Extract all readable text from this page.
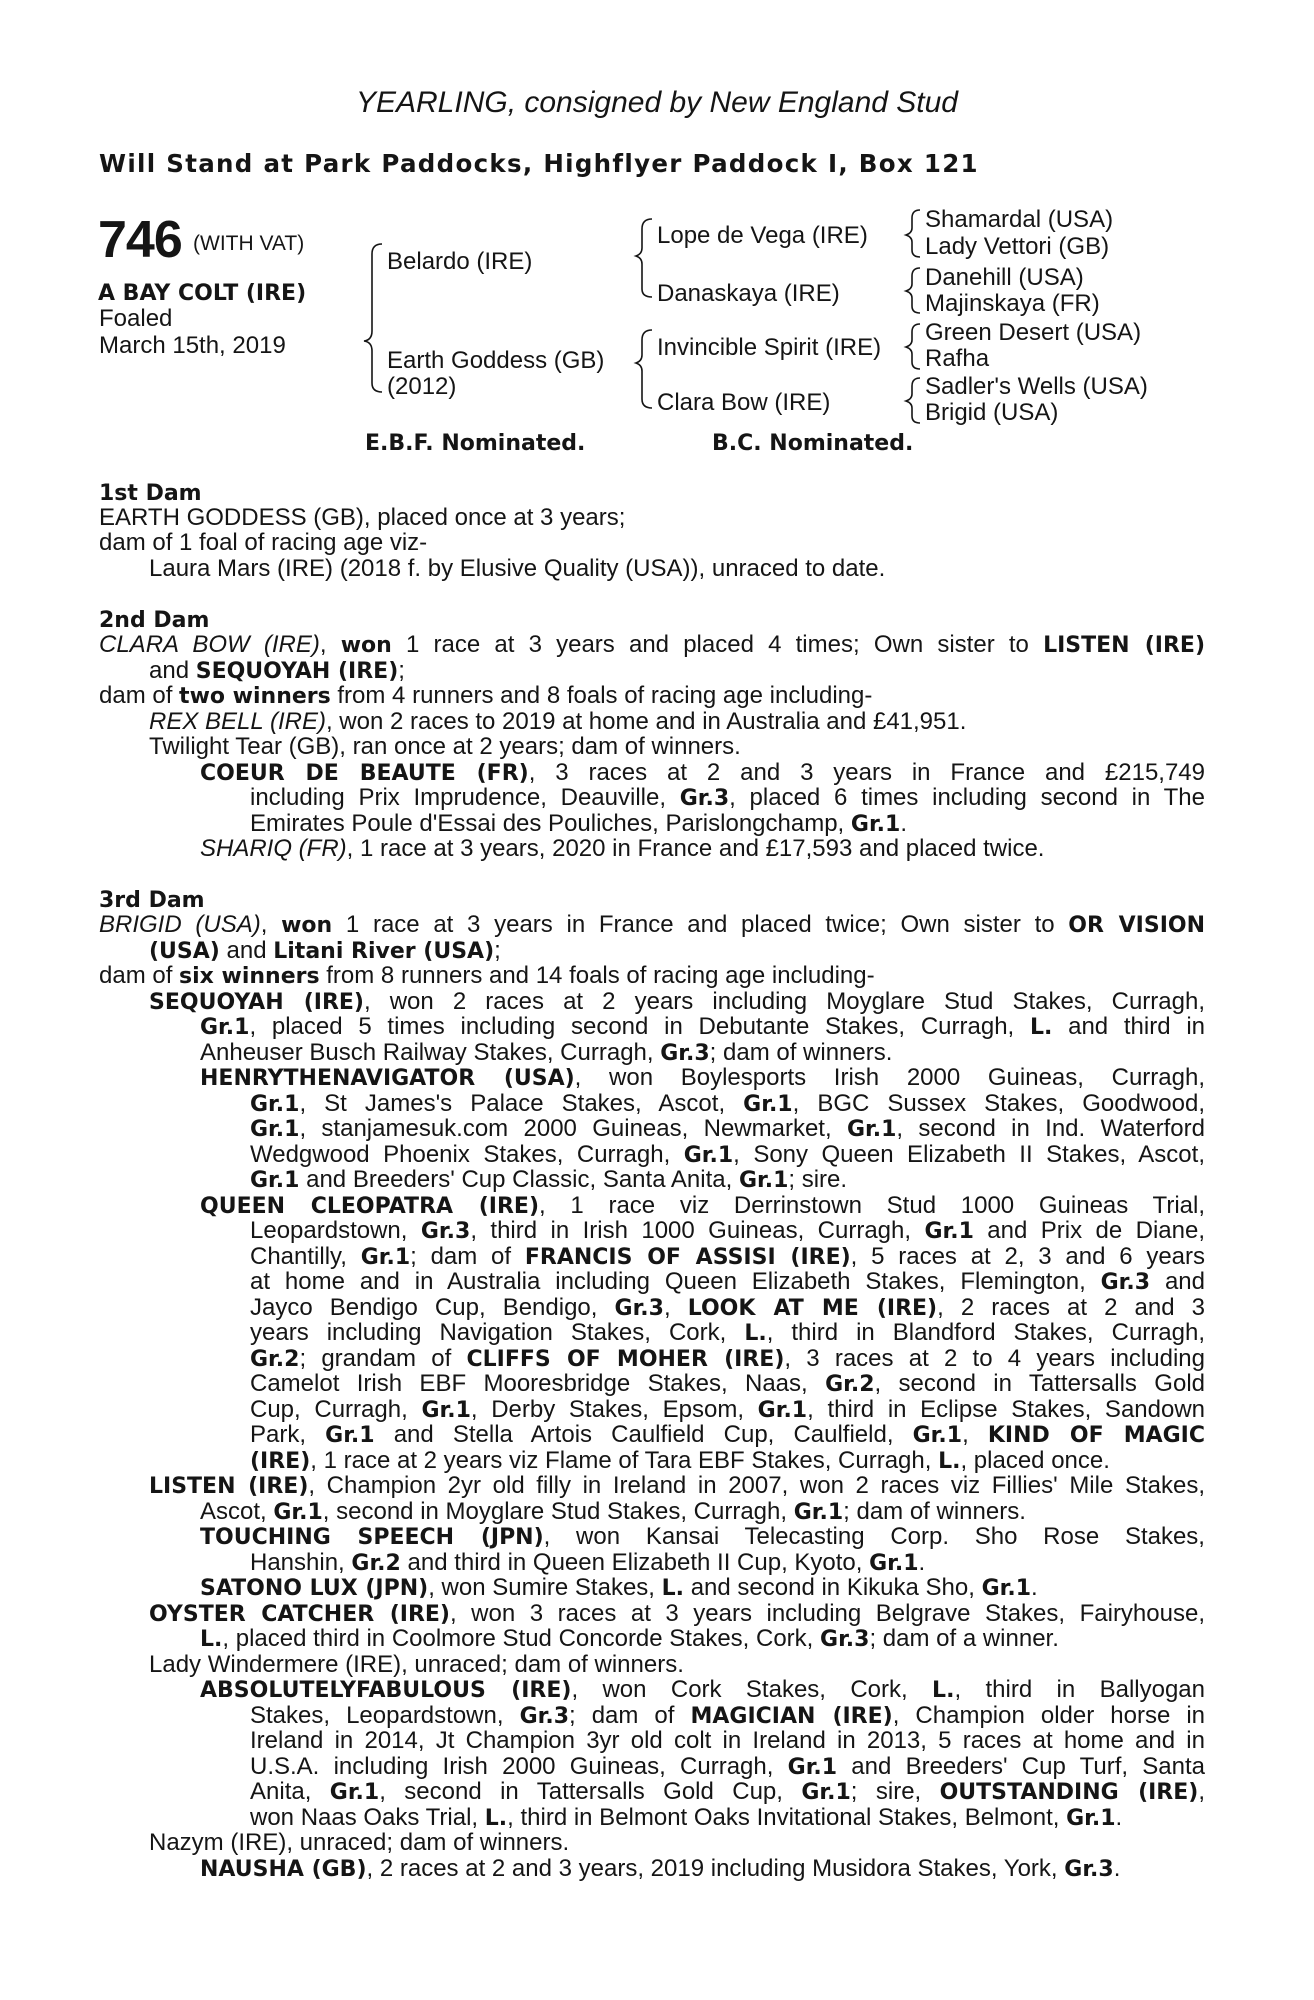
YEARLING, consigned by New England Stud
Will Stand at Park Paddocks, Highflyer Paddock I, Box 121
746 (WITH VAT)
A BAY COLT (IRE)
Foaled
March 15th, 2019
Belardo (IRE)
Earth Goddess (GB)
(2012)
Lope de Vega (IRE)
Danaskaya (IRE)
Invincible Spirit (IRE)
Clara Bow (IRE)
Shamardal (USA)
Lady Vettori (GB)
Danehill (USA)
Majinskaya (FR)
Green Desert (USA)
Rafha
Sadler's Wells (USA)
Brigid (USA)
E.B.F. Nominated.	B.C. Nominated.
1st Dam
EARTH GODDESS (GB), placed once at 3 years;
dam of 1 foal of racing age viz-
Laura Mars (IRE) (2018 f. by Elusive Quality (USA)), unraced to date.
2nd Dam
CLARA BOW (IRE), won 1 race at 3 years and placed 4 times; Own sister to LISTEN (IRE)
and SEQUOYAH (IRE);
dam of two winners from 4 runners and 8 foals of racing age including-
REX BELL (IRE), won 2 races to 2019 at home and in Australia and £41,951.
Twilight Tear (GB), ran once at 2 years; dam of winners.
COEUR DE BEAUTE (FR), 3 races at 2 and 3 years in France and £215,749
including Prix Imprudence, Deauville, Gr.3, placed 6 times including second in The
Emirates Poule d'Essai des Pouliches, Parislongchamp, Gr.1.
SHARIQ (FR), 1 race at 3 years, 2020 in France and £17,593 and placed twice.
3rd Dam
BRIGID (USA), won 1 race at 3 years in France and placed twice; Own sister to OR VISION
(USA) and Litani River (USA);
dam of six winners from 8 runners and 14 foals of racing age including-
SEQUOYAH (IRE), won 2 races at 2 years including Moyglare Stud Stakes, Curragh,
Gr.1, placed 5 times including second in Debutante Stakes, Curragh, L. and third in
Anheuser Busch Railway Stakes, Curragh, Gr.3; dam of winners.
HENRYTHENAVIGATOR (USA), won Boylesports Irish 2000 Guineas, Curragh,
Gr.1, St James's Palace Stakes, Ascot, Gr.1, BGC Sussex Stakes, Goodwood,
Gr.1, stanjamesuk.com 2000 Guineas, Newmarket, Gr.1, second in Ind. Waterford
Wedgwood Phoenix Stakes, Curragh, Gr.1, Sony Queen Elizabeth II Stakes, Ascot,
Gr.1 and Breeders' Cup Classic, Santa Anita, Gr.1; sire.
QUEEN CLEOPATRA (IRE), 1 race viz Derrinstown Stud 1000 Guineas Trial,
Leopardstown, Gr.3, third in Irish 1000 Guineas, Curragh, Gr.1 and Prix de Diane,
Chantilly, Gr.1; dam of FRANCIS OF ASSISI (IRE), 5 races at 2, 3 and 6 years
at home and in Australia including Queen Elizabeth Stakes, Flemington, Gr.3 and
Jayco Bendigo Cup, Bendigo, Gr.3, LOOK AT ME (IRE), 2 races at 2 and 3
years including Navigation Stakes, Cork, L., third in Blandford Stakes, Curragh,
Gr.2; grandam of CLIFFS OF MOHER (IRE), 3 races at 2 to 4 years including
Camelot Irish EBF Mooresbridge Stakes, Naas, Gr.2, second in Tattersalls Gold
Cup, Curragh, Gr.1, Derby Stakes, Epsom, Gr.1, third in Eclipse Stakes, Sandown
Park, Gr.1 and Stella Artois Caulfield Cup, Caulfield, Gr.1, KIND OF MAGIC
(IRE), 1 race at 2 years viz Flame of Tara EBF Stakes, Curragh, L., placed once.
LISTEN (IRE), Champion 2yr old filly in Ireland in 2007, won 2 races viz Fillies' Mile Stakes,
Ascot, Gr.1, second in Moyglare Stud Stakes, Curragh, Gr.1; dam of winners.
TOUCHING SPEECH (JPN), won Kansai Telecasting Corp. Sho Rose Stakes,
Hanshin, Gr.2 and third in Queen Elizabeth II Cup, Kyoto, Gr.1.
SATONO LUX (JPN), won Sumire Stakes, L. and second in Kikuka Sho, Gr.1.
OYSTER CATCHER (IRE), won 3 races at 3 years including Belgrave Stakes, Fairyhouse,
L., placed third in Coolmore Stud Concorde Stakes, Cork, Gr.3; dam of a winner.
Lady Windermere (IRE), unraced; dam of winners.
ABSOLUTELYFABULOUS (IRE), won Cork Stakes, Cork, L., third in Ballyogan
Stakes, Leopardstown, Gr.3; dam of MAGICIAN (IRE), Champion older horse in
Ireland in 2014, Jt Champion 3yr old colt in Ireland in 2013, 5 races at home and in
U.S.A. including Irish 2000 Guineas, Curragh, Gr.1 and Breeders' Cup Turf, Santa
Anita, Gr.1, second in Tattersalls Gold Cup, Gr.1; sire, OUTSTANDING (IRE),
won Naas Oaks Trial, L., third in Belmont Oaks Invitational Stakes, Belmont, Gr.1.
Nazym (IRE), unraced; dam of winners.
NAUSHA (GB), 2 races at 2 and 3 years, 2019 including Musidora Stakes, York, Gr.3.
